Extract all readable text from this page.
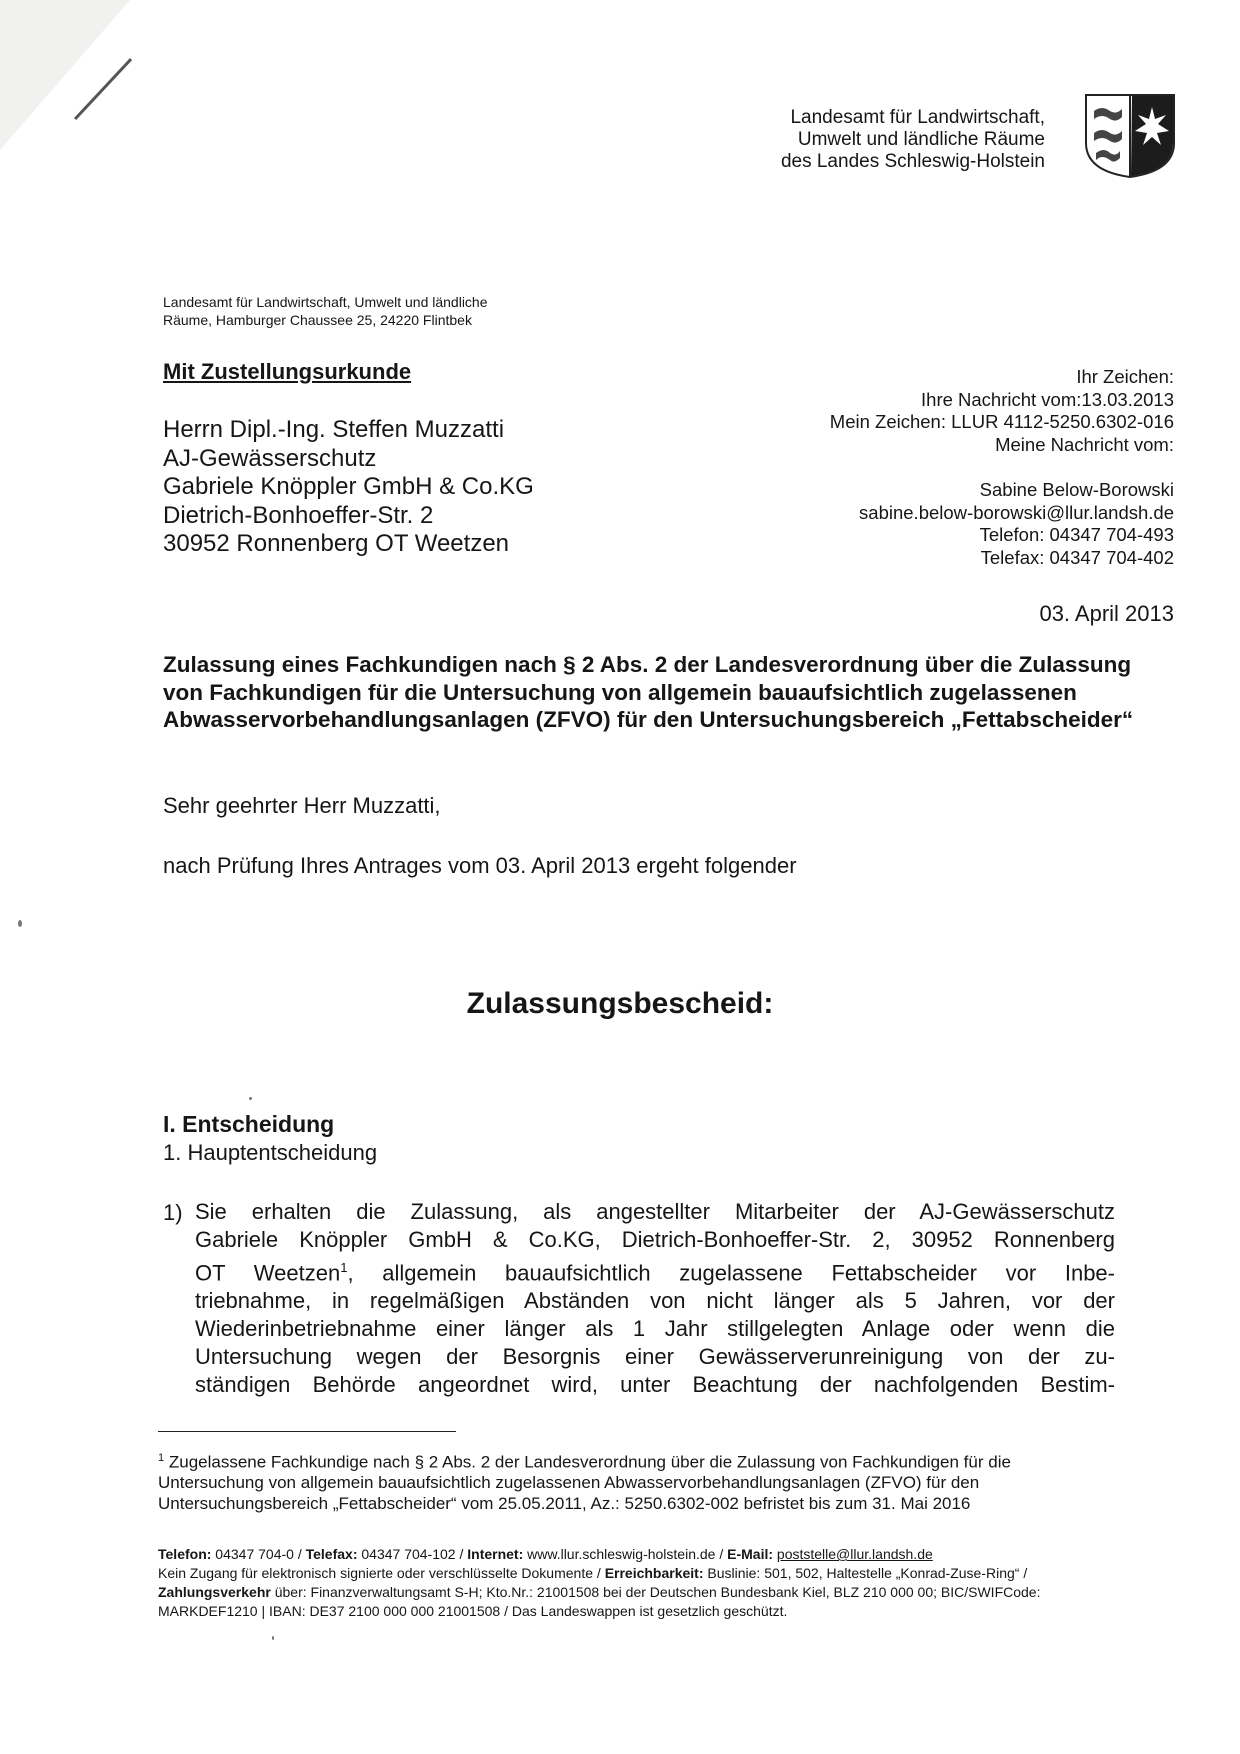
Landesamt für Landwirtschaft,
Umwelt und ländliche Räume
des Landes Schleswig-Holstein
Landesamt für Landwirtschaft, Umwelt und ländliche
Räume, Hamburger Chaussee 25, 24220 Flintbek
Mit Zustellungsurkunde
Herrn Dipl.-Ing. Steffen Muzzatti
AJ-Gewässerschutz
Gabriele Knöppler GmbH & Co.KG
Dietrich-Bonhoeffer-Str. 2
30952 Ronnenberg OT Weetzen
Ihr Zeichen:
Ihre Nachricht vom:13.03.2013
Mein Zeichen: LLUR 4112-5250.6302-016
Meine Nachricht vom:
Sabine Below-Borowski
sabine.below-borowski@llur.landsh.de
Telefon: 04347 704-493
Telefax: 04347 704-402
03. April 2013
Zulassung eines Fachkundigen nach § 2 Abs. 2 der Landesverordnung über die Zulassung von Fachkundigen für die Untersuchung von allgemein bauaufsichtlich zugelassenen Abwasservorbehandlungsanlagen (ZFVO) für den Untersuchungsbereich „Fettabscheider“
Sehr geehrter Herr Muzzatti,
nach Prüfung Ihres Antrages vom 03. April 2013 ergeht folgender
Zulassungsbescheid:
I. Entscheidung
1. Hauptentscheidung
1) Sie erhalten die Zulassung, als angestellter Mitarbeiter der AJ-Gewässerschutz
Gabriele Knöppler GmbH & Co.KG, Dietrich-Bonhoeffer-Str. 2, 30952 Ronnenberg
OT Weetzen$^1$, allgemein bauaufsichtlich zugelassene Fettabscheider vor Inbe-
triebnahme, in regelmäßigen Abständen von nicht länger als 5 Jahren, vor der
Wiederinbetriebnahme einer länger als 1 Jahr stillgelegten Anlage oder wenn die
Untersuchung wegen der Besorgnis einer Gewässerverunreinigung von der zu-
ständigen Behörde angeordnet wird, unter Beachtung der nachfolgenden Bestim-
$^1$ Zugelassene Fachkundige nach § 2 Abs. 2 der Landesverordnung über die Zulassung von Fachkundigen für die Untersuchung von allgemein bauaufsichtlich zugelassenen Abwasservorbehandlungsanlagen (ZFVO) für den Untersuchungsbereich „Fettabscheider“ vom 25.05.2011, Az.: 5250.6302-002 befristet bis zum 31. Mai 2016
Telefon: 04347 704-0 / Telefax: 04347 704-102 / Internet: www.llur.schleswig-holstein.de / E-Mail: poststelle@llur.landsh.de
Kein Zugang für elektronisch signierte oder verschlüsselte Dokumente / Erreichbarkeit: Buslinie: 501, 502, Haltestelle „Konrad-Zuse-Ring“ / Zahlungsverkehr über: Finanzverwaltungsamt S-H; Kto.Nr.: 21001508 bei der Deutschen Bundesbank Kiel, BLZ 210 000 00; BIC/SWIFCode: MARKDEF1210 | IBAN: DE37 2100 000 000 21001508 / Das Landeswappen ist gesetzlich geschützt.
